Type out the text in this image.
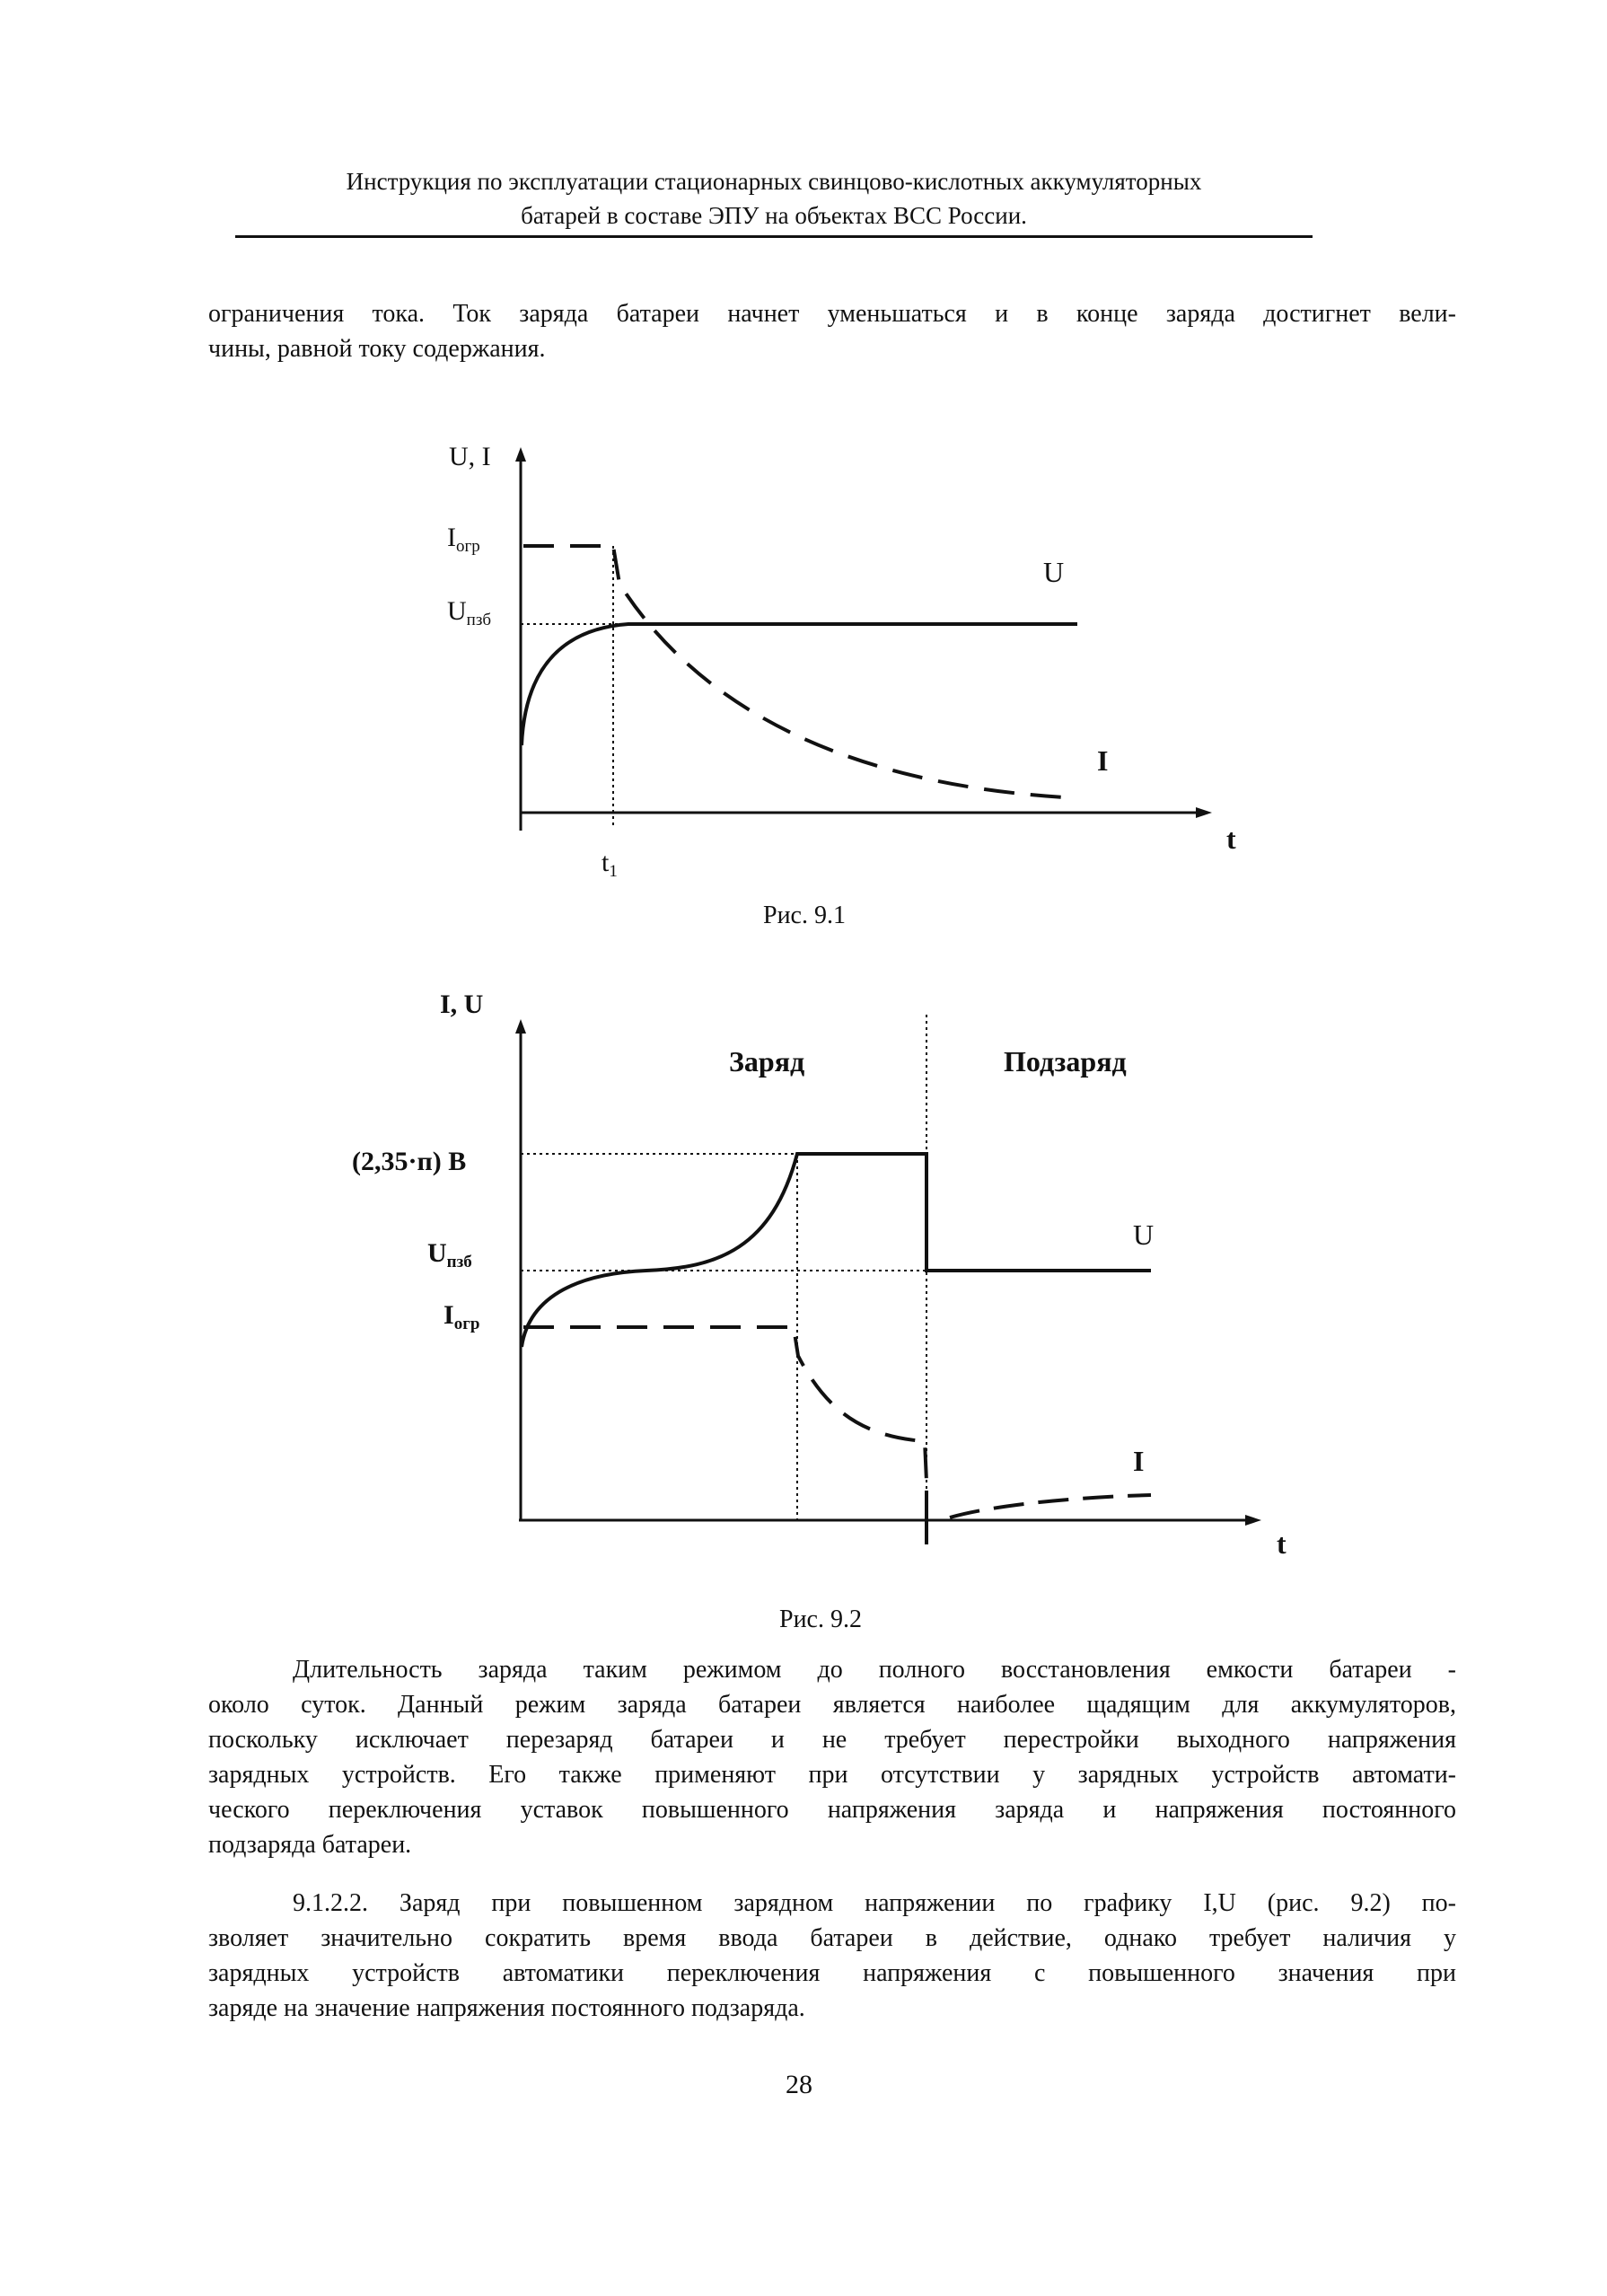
Инструкция по эксплуатации стационарных свинцово-кислотных аккумуляторных
батарей в составе ЭПУ на объектах ВСС России.
ограничения тока. Ток заряда батареи начнет уменьшаться и в конце заряда достигнет вели-
чины, равной току содержания.
U, I
$I_{огр}$
$U_{пзб}$
$t_1$
t
U
I
Рис. 9.1
I, U
Заряд	Подзаряд
(2,35·п) В
$U_{пзб}$
$I_{огр}$
U
I
t
Рис. 9.2
Длительность заряда таким режимом до полного восстановления емкости батареи -
около суток. Данный режим заряда батареи является наиболее щадящим для аккумуляторов,
поскольку исключает перезаряд батареи и не требует перестройки выходного напряжения
зарядных устройств. Его также применяют при отсутствии у зарядных устройств автомати-
ческого переключения уставок повышенного напряжения заряда и напряжения постоянного
подзаряда батареи.
9.1.2.2. Заряд при повышенном зарядном напряжении по графику I,U (рис. 9.2) по-
зволяет значительно сократить время ввода батареи в действие, однако требует наличия у
зарядных устройств автоматики переключения напряжения с повышенного значения при
заряде на значение напряжения постоянного подзаряда.
28
